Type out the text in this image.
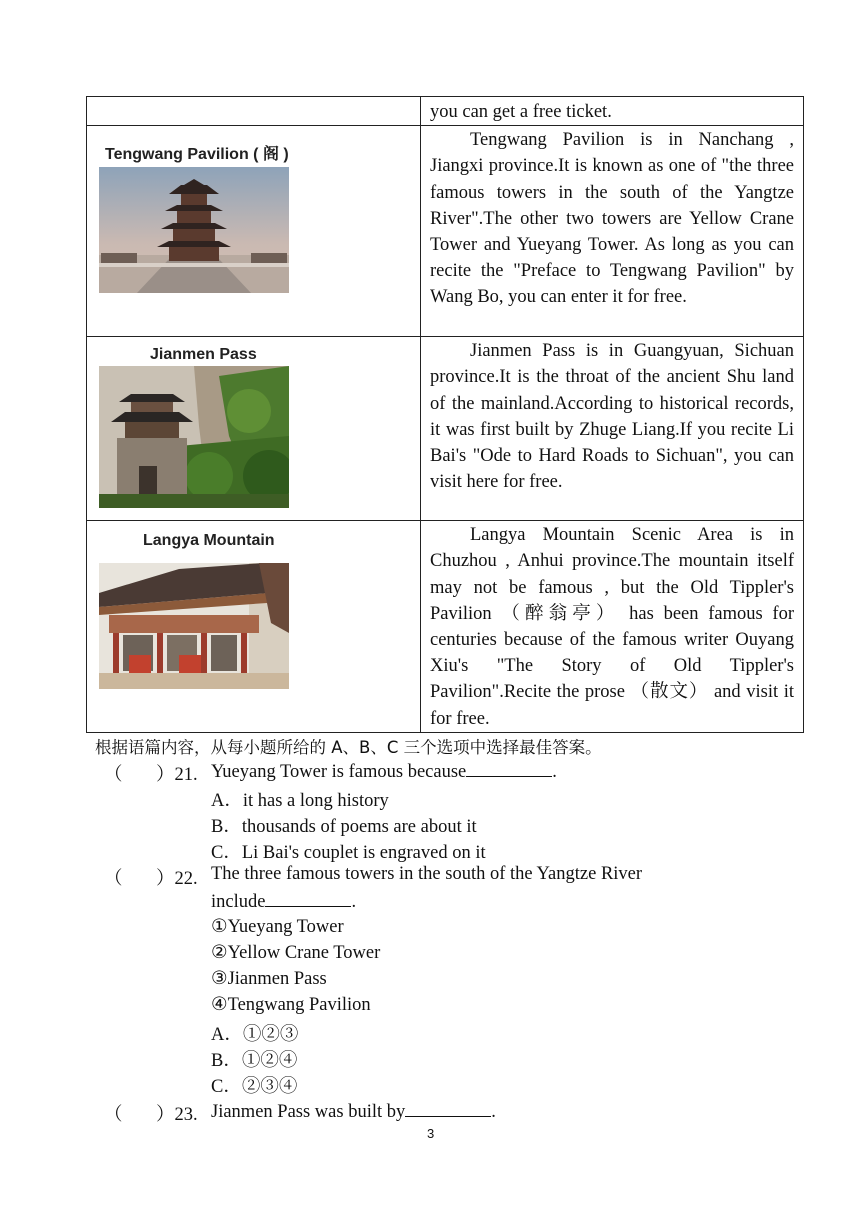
	you can get a free ticket.

Tengwang Pavilion ( 阁 )	Tengwang Pavilion is in Nanchang , Jiangxi province.It is known as one of "the three famous towers in the south of the Yangtze River".The other two towers are Yellow Crane Tower and Yueyang Tower. As long as you can recite the "Preface to Tengwang Pavilion" by Wang Bo, you can enter it for free.

Jianmen Pass	Jianmen Pass is in Guangyuan, Sichuan province.It is the throat of the ancient Shu land of the mainland.According to historical records, it was first built by Zhuge Liang.If you recite Li Bai's "Ode to Hard Roads to Sichuan", you can visit here for free.

Langya Mountain	Langya Mountain Scenic Area is in Chuzhou , Anhui province.The mountain itself may not be famous , but the Old Tippler's Pavilion （醉翁亭） has been famous for centuries because of the famous writer Ouyang Xiu's "The Story of Old Tippler's Pavilion".Recite the prose （散文） and visit it for free.
根据语篇内容，从每小题所给的 A、B、C 三个选项中选择最佳答案。
（ ）21. Yueyang Tower is famous because	.
A．it has a long history
B．thousands of poems are about it
C．Li Bai's couplet is engraved on it
（ ）22. The three famous towers in the south of the Yangtze River
include	.
①Yueyang Tower
②Yellow Crane Tower
③Jianmen Pass
④Tengwang Pavilion
A．①②③
B．①②④
C．②③④
（ ）23. Jianmen Pass was built by	.
3
